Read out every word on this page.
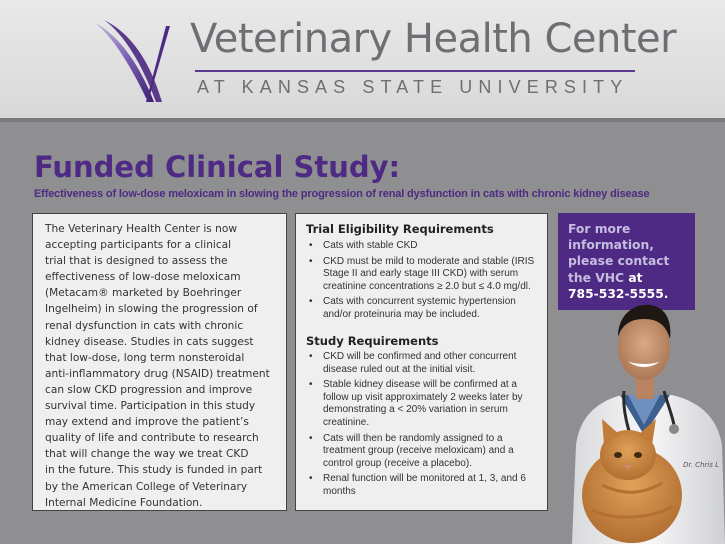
Veterinary Health Center
AT KANSAS STATE UNIVERSITY
Funded Clinical Study:
Effectiveness of low-dose meloxicam in slowing the progression of renal dysfunction in cats with chronic kidney disease
The Veterinary Health Center is now
accepting participants for a clinical
trial that is designed to assess the
effectiveness of low-dose meloxicam
(Metacam® marketed by Boehringer
Ingelheim) in slowing the progression of
renal dysfunction in cats with chronic
kidney disease. Studies in cats suggest
that low-dose, long term nonsteroidal
anti-inflammatory drug (NSAID) treatment
can slow CKD progression and improve
survival time. Participation in this study
may extend and improve the patient’s
quality of life and contribute to research
that will change the way we treat CKD
in the future. This study is funded in part
by the American College of Veterinary
Internal Medicine Foundation.
Trial Eligibility Requirements
• Cats with stable CKD
• CKD must be mild to moderate and stable (IRIS Stage II and early stage III CKD) with serum creatinine concentrations ≥ 2.0 but ≤ 4.0 mg/dl.
• Cats with concurrent systemic hypertension and/or proteinuria may be included.
Study Requirements
• CKD will be confirmed and other concurrent disease ruled out at the initial visit.
• Stable kidney disease will be confirmed at a follow up visit approximately 2 weeks later by demonstrating a < 20% variation in serum creatinine.
• Cats will then be randomly assigned to a treatment group (receive meloxicam) and a control group (receive a placebo).
• Renal function will be monitored at 1, 3, and 6 months
For more
information,
please contact
the VHC at
785-532-5555.
Dr. Chris L
